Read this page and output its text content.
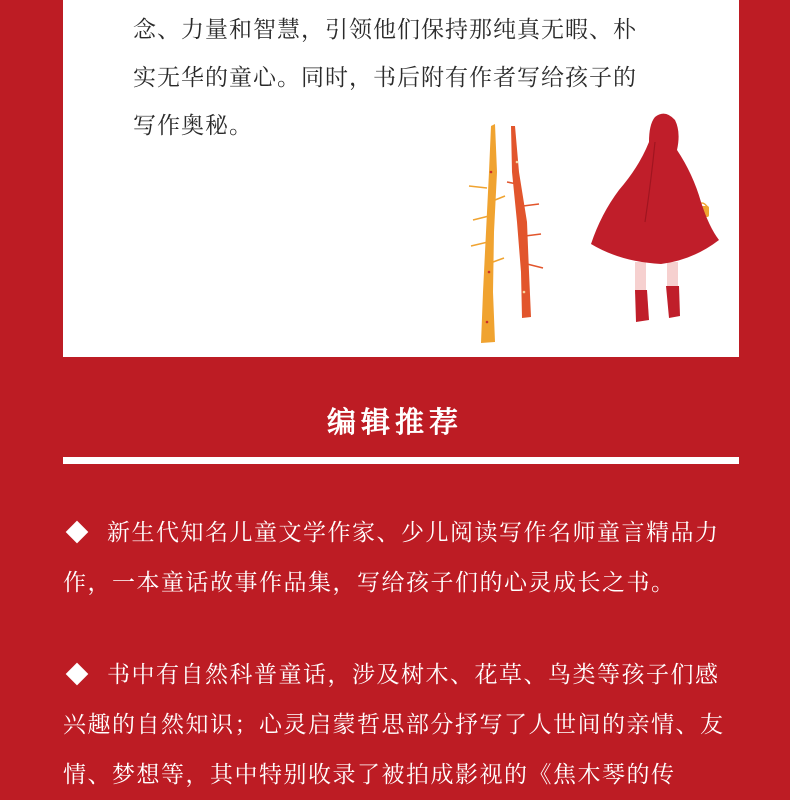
念、力量和智慧，引领他们保持那纯真无暇、朴

实无华的童心。同时，书后附有作者写给孩子的

写作奥秘。

编辑推荐

新生代知名儿童文学作家、少儿阅读写作名师童言精品力

作，一本童话故事作品集，写给孩子们的心灵成长之书。

书中有自然科普童话，涉及树木、花草、鸟类等孩子们感

兴趣的自然知识；心灵启蒙哲思部分抒写了人世间的亲情、友

情、梦想等，其中特别收录了被拍成影视的《焦木琴的传
